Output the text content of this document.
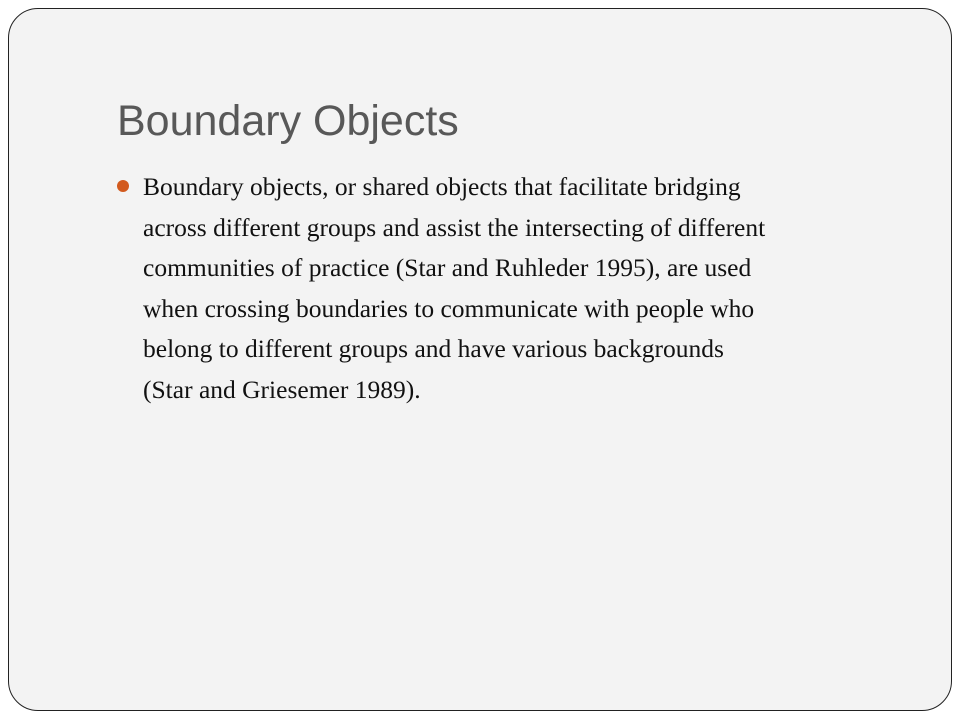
Boundary Objects
Boundary objects, or shared objects that facilitate bridging
across different groups and assist the intersecting of different
communities of practice (Star and Ruhleder 1995), are used
when crossing boundaries to communicate with people who
belong to different groups and have various backgrounds
(Star and Griesemer 1989).
